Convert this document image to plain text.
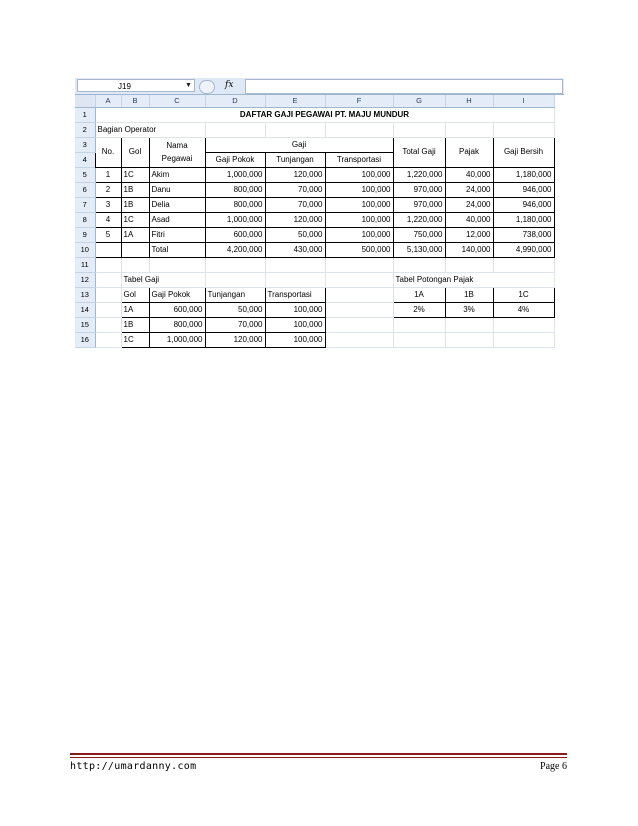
J19	▼	fx
	A	B	C	D	E	F	G	H	I
1	DAFTAR GAJI PEGAWAI PT. MAJU MUNDUR								
2	Bagian Operator								
3	No.	Gol	Nama
Pegawai	Gaji			Total Gaji	Pajak	Gaji Bersih
4				Gaji Pokok	Tunjangan	Transportasi			
5	1	1C	Akim	1,000,000	120,000	100,000	1,220,000	40,000	1,180,000
6	2	1B	Danu	800,000	70,000	100,000	970,000	24,000	946,000
7	3	1B	Delia	800,000	70,000	100,000	970,000	24,000	946,000
8	4	1C	Asad	1,000,000	120,000	100,000	1,220,000	40,000	1,180,000
9	5	1A	Fitri	600,000	50,000	100,000	750,000	12,000	738,000
10			Total	4,200,000	430,000	500,000	5,130,000	140,000	4,990,000
11									
12		Tabel Gaji					Tabel Potongan Pajak		
13		Gol	Gaji Pokok	Tunjangan	Transportasi		1A	1B	1C
14		1A	600,000	50,000	100,000		2%	3%	4%
15		1B	800,000	70,000	100,000				
16		1C	1,000,000	120,000	100,000				
http://umardanny.com	Page 6
